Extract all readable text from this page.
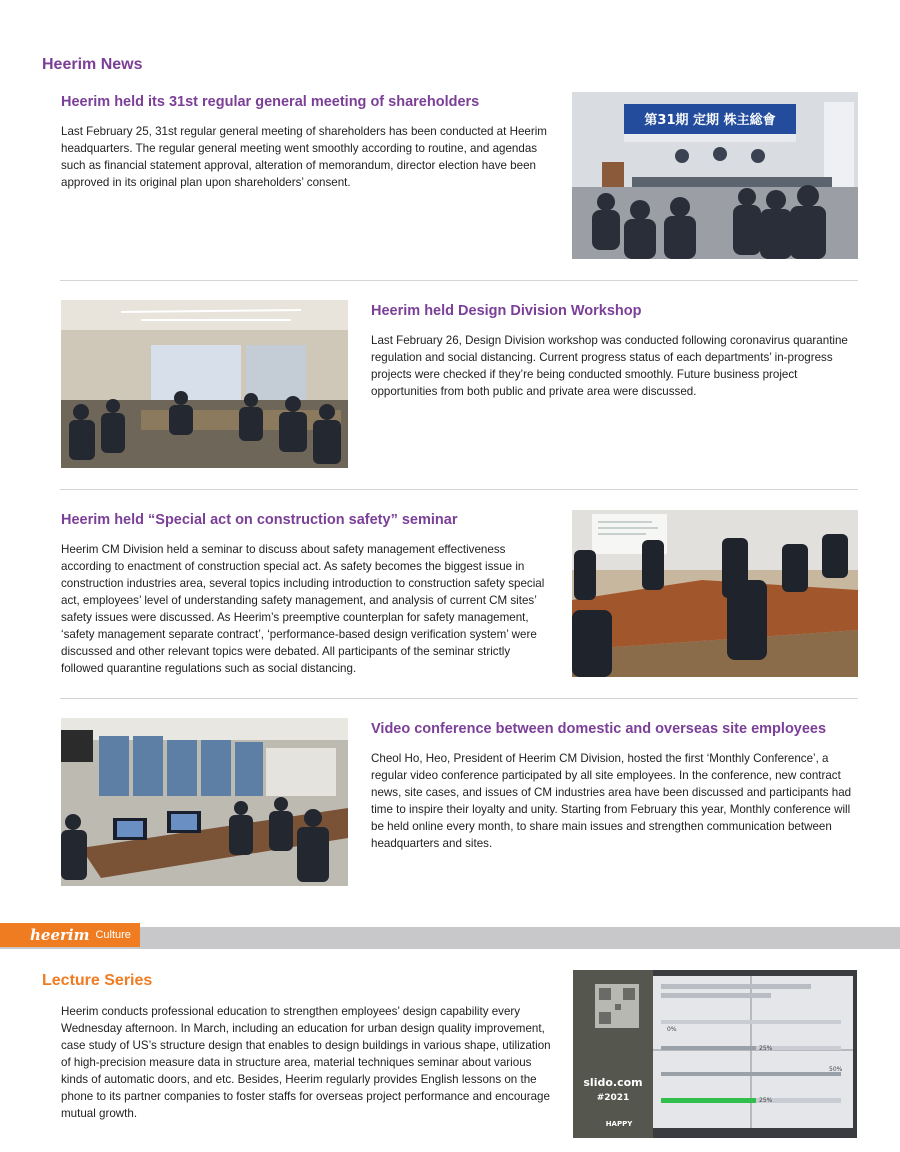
Heerim News
Heerim held its 31st regular general meeting of shareholders
Last February 25, 31st regular general meeting of shareholders has been conducted at Heerim headquarters. The regular general meeting went smoothly according to routine, and agendas such as financial statement approval, alteration of memorandum, director election have been approved in its original plan upon shareholders’ consent.
第31期 定期 株主総會
Heerim held Design Division Workshop
Last February 26, Design Division workshop was conducted following coronavirus quarantine regulation and social distancing. Current progress status of each departments’ in-progress projects were checked if they’re being conducted smoothly. Future business project opportunities from both public and private area were discussed.
Heerim held “Special act on construction safety” seminar
Heerim CM Division held a seminar to discuss about safety management effectiveness according to enactment of construction special act. As safety becomes the biggest issue in construction industries area, several topics including introduction to construction safety special act, employees’ level of understanding safety management, and analysis of current CM sites’ safety issues were discussed. As Heerim’s preemptive counterplan for safety management, ‘safety management separate contract’, ‘performance-based design verification system’ were discussed and other relevant topics were debated. All participants of the seminar strictly followed quarantine regulations such as social distancing.
Video conference between domestic and overseas site employees
Cheol Ho, Heo, President of Heerim CM Division, hosted the first ‘Monthly Conference’, a regular video conference participated by all site employees. In the conference, new contract news, site cases, and issues of CM industries area have been discussed and participants had time to inspire their loyalty and unity. Starting from February this year, Monthly conference will be held online every month, to share main issues and strengthen communication between headquarters and sites.
heerim Culture
Lecture Series
Heerim conducts professional education to strengthen employees’ design capability every Wednesday afternoon. In March, including an education for urban design quality improvement, case study of US’s structure design that enables to design buildings in various shape, utilization of high-precision measure data in structure area, material techniques seminar about various kinds of automatic doors, and etc. Besides, Heerim regularly provides English lessons on the phone to its partner companies to foster staffs for overseas project performance and encourage mutual growth.
slido.com
#2021
HAPPY
0%
25%
50%
25%
